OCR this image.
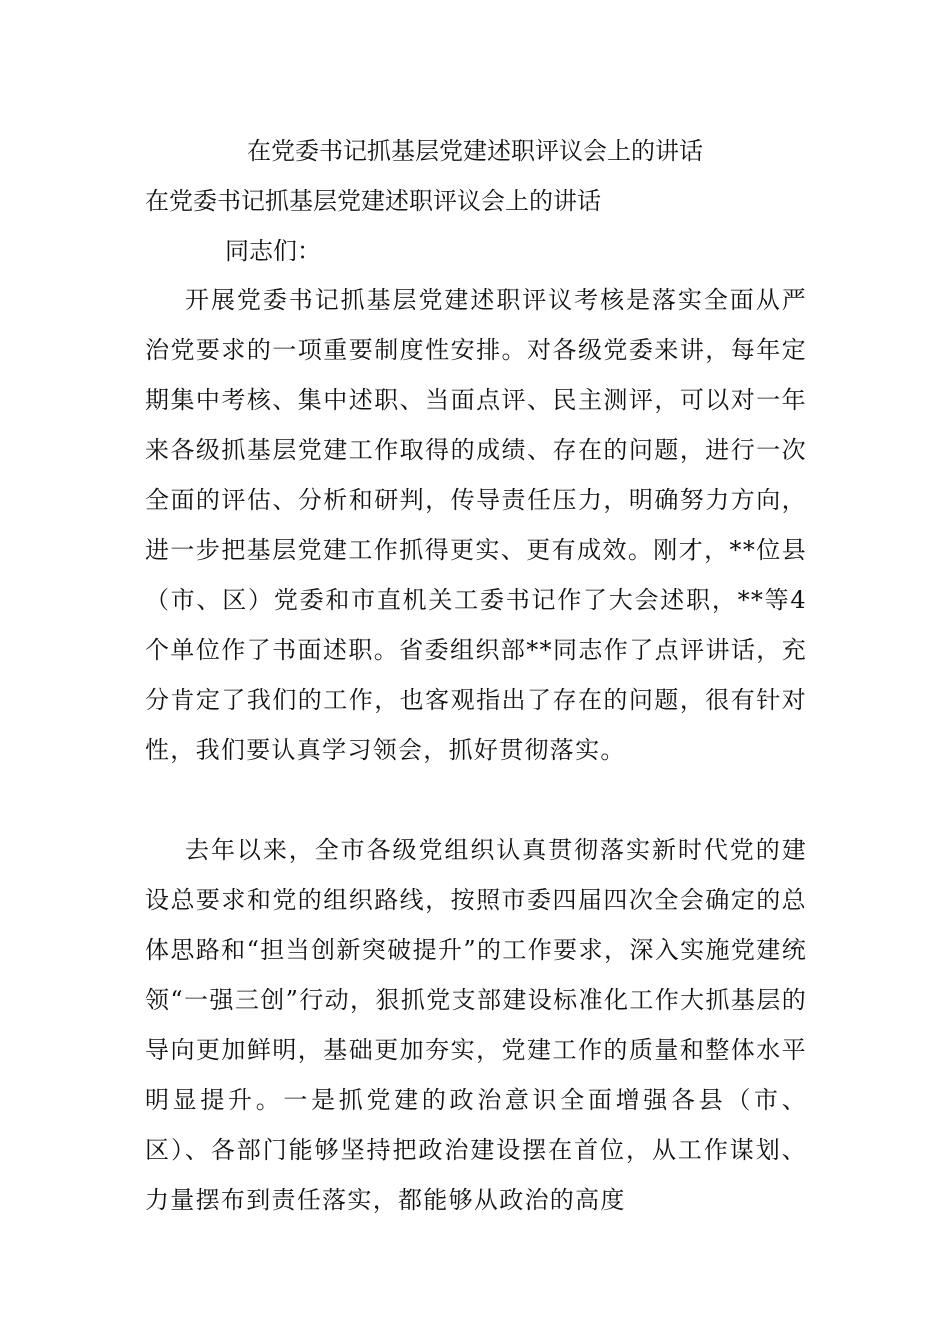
在党委书记抓基层党建述职评议会上的讲话
在党委书记抓基层党建述职评议会上的讲话
同志们：

开展党委书记抓基层党建述职评议考核是落实全面从严治党要求的一项重要制度性安排。对各级党委来讲，每年定期集中考核、集中述职、当面点评、民主测评，可以对一年来各级抓基层党建工作取得的成绩、存在的问题，进行一次全面的评估、分析和研判，传导责任压力，明确努力方向，进一步把基层党建工作抓得更实、更有成效。刚才，**位县（市、区）党委和市直机关工委书记作了大会述职，**等4个单位作了书面述职。省委组织部**同志作了点评讲话，充分肯定了我们的工作，也客观指出了存在的问题，很有针对性，我们要认真学习领会，抓好贯彻落实。

去年以来，全市各级党组织认真贯彻落实新时代党的建设总要求和党的组织路线，按照市委四届四次全会确定的总体思路和“担当创新突破提升”的工作要求，深入实施党建统领“一强三创”行动，狠抓党支部建设标准化工作大抓基层的导向更加鲜明，基础更加夯实，党建工作的质量和整体水平明显提升。一是抓党建的政治意识全面增强各县（市、区）、各部门能够坚持把政治建设摆在首位，从工作谋划、力量摆布到责任落实，都能够从政治的高度
